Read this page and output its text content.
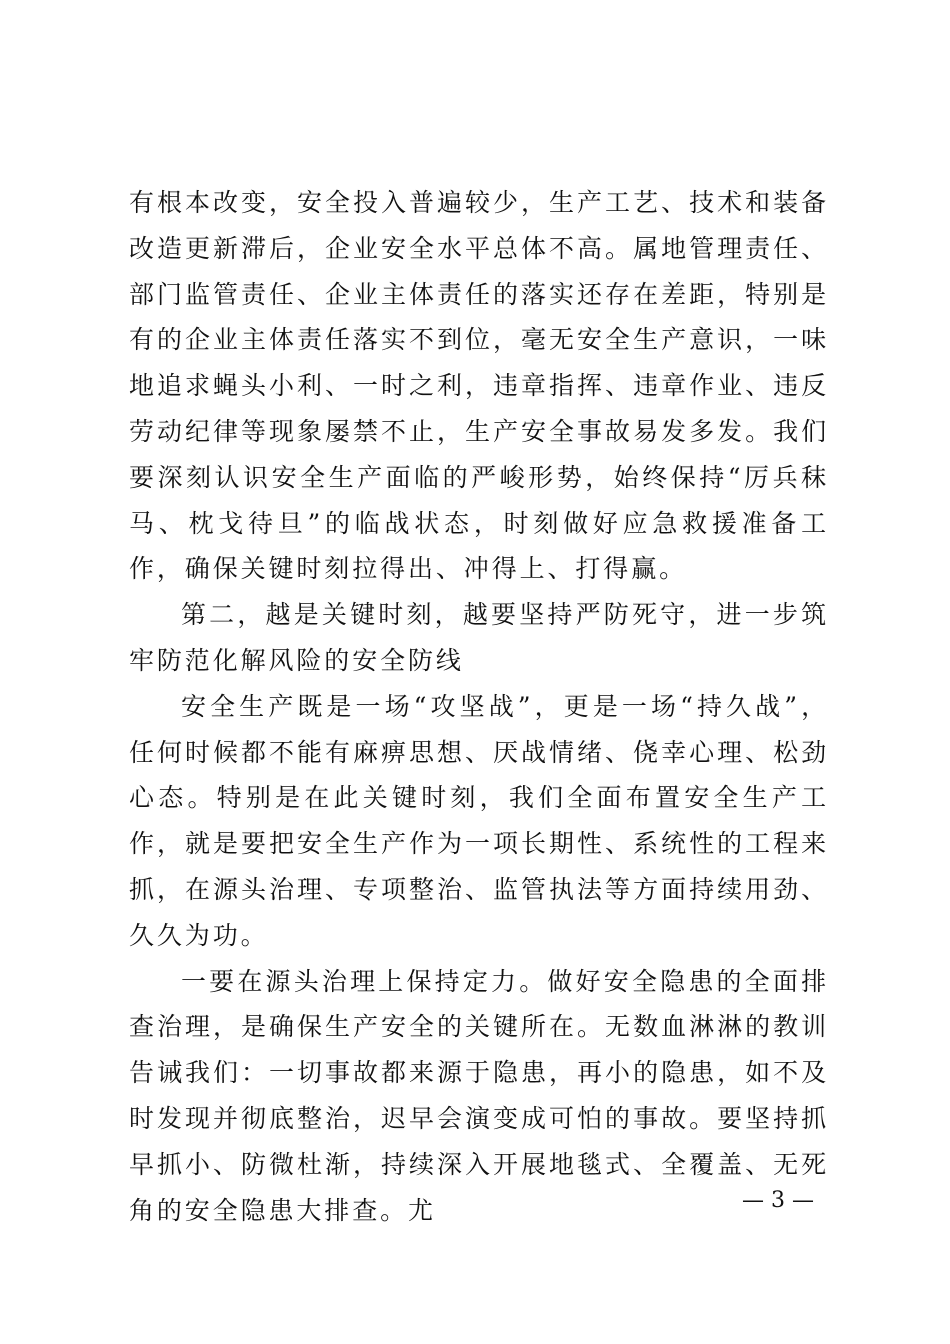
有根本改变，安全投入普遍较少，生产工艺、技术和装备改造更新滞后，企业安全水平总体不高。属地管理责任、部门监管责任、企业主体责任的落实还存在差距，特别是有的企业主体责任落实不到位，毫无安全生产意识，一味地追求蝇头小利、一时之利，违章指挥、违章作业、违反劳动纪律等现象屡禁不止，生产安全事故易发多发。我们要深刻认识安全生产面临的严峻形势，始终保持“厉兵秣马、枕戈待旦”的临战状态，时刻做好应急救援准备工作，确保关键时刻拉得出、冲得上、打得赢。

第二，越是关键时刻，越要坚持严防死守，进一步筑牢防范化解风险的安全防线

安全生产既是一场“攻坚战”，更是一场“持久战”，任何时候都不能有麻痹思想、厌战情绪、侥幸心理、松劲心态。特别是在此关键时刻，我们全面布置安全生产工作，就是要把安全生产作为一项长期性、系统性的工程来抓，在源头治理、专项整治、监管执法等方面持续用劲、久久为功。

一要在源头治理上保持定力。做好安全隐患的全面排查治理，是确保生产安全的关键所在。无数血淋淋的教训告诫我们：一切事故都来源于隐患，再小的隐患，如不及时发现并彻底整治，迟早会演变成可怕的事故。要坚持抓早抓小、防微杜渐，持续深入开展地毯式、全覆盖、无死角的安全隐患大排查。尤	— 3 —
